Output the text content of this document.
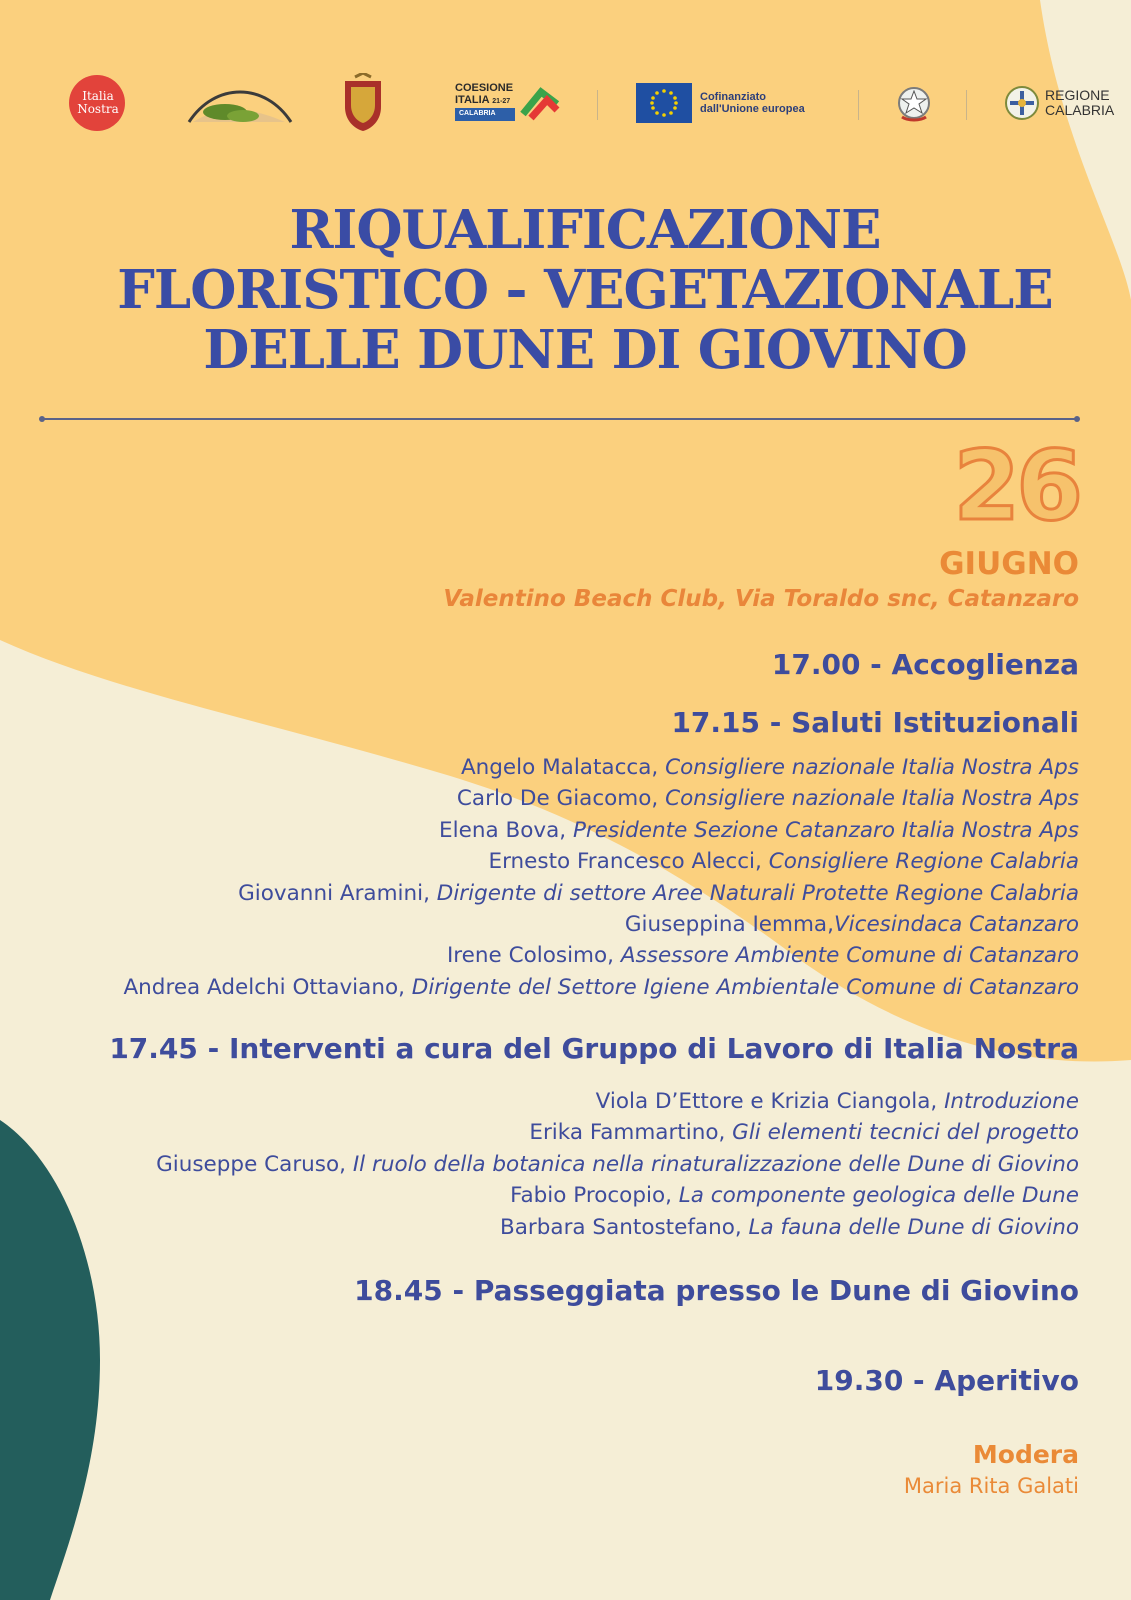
Italia Nostra
COESIONE
ITALIA 21-27
CALABRIA
Cofinanziato
dall'Unione europea
REGIONE
CALABRIA
RIQUALIFICAZIONE
FLORISTICO - VEGETAZIONALE
DELLE DUNE DI GIOVINO
26
GIUGNO
Valentino Beach Club, Via Toraldo snc, Catanzaro
17.00 - Accoglienza
17.15 - Saluti Istituzionali
Angelo Malatacca, Consigliere nazionale Italia Nostra Aps
Carlo De Giacomo, Consigliere nazionale Italia Nostra Aps
Elena Bova, Presidente Sezione Catanzaro Italia Nostra Aps
Ernesto Francesco Alecci, Consigliere Regione Calabria
Giovanni Aramini, Dirigente di settore Aree Naturali Protette Regione Calabria
Giuseppina Iemma,Vicesindaca Catanzaro
Irene Colosimo, Assessore Ambiente Comune di Catanzaro
Andrea Adelchi Ottaviano, Dirigente del Settore Igiene Ambientale Comune di Catanzaro
17.45 - Interventi a cura del Gruppo di Lavoro di Italia Nostra
Viola D’Ettore e Krizia Ciangola, Introduzione
Erika Fammartino, Gli elementi tecnici del progetto
Giuseppe Caruso, Il ruolo della botanica nella rinaturalizzazione delle Dune di Giovino
Fabio Procopio, La componente geologica delle Dune
Barbara Santostefano, La fauna delle Dune di Giovino
18.45 - Passeggiata presso le Dune di Giovino
19.30 - Aperitivo
Modera
Maria Rita Galati
